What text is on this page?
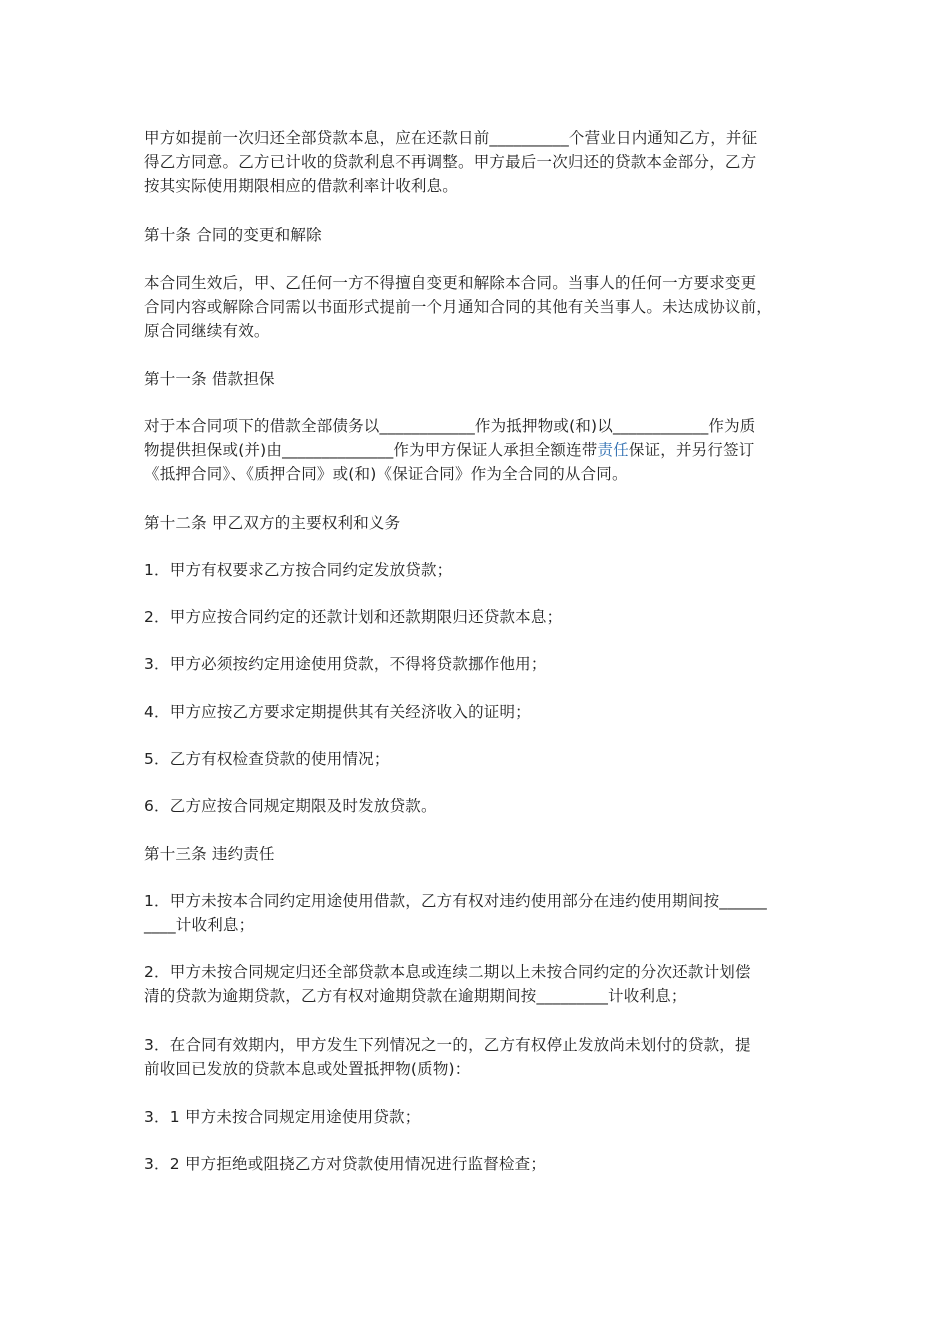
甲方如提前一次归还全部贷款本息，应在还款日前__________个营业日内通知乙方，并征
得乙方同意。乙方已计收的贷款利息不再调整。甲方最后一次归还的贷款本金部分，乙方
按其实际使用期限相应的借款利率计收利息。
第十条 合同的变更和解除
本合同生效后，甲、乙任何一方不得擅自变更和解除本合同。当事人的任何一方要求变更
合同内容或解除合同需以书面形式提前一个月通知合同的其他有关当事人。未达成协议前，
原合同继续有效。
第十一条 借款担保
对于本合同项下的借款全部债务以____________作为抵押物或(和)以____________作为质
物提供担保或(并)由______________作为甲方保证人承担全额连带责任保证，并另行签订
《抵押合同》、《质押合同》或(和)《保证合同》作为全合同的从合同。
第十二条 甲乙双方的主要权利和义务
1．甲方有权要求乙方按合同约定发放贷款；
2．甲方应按合同约定的还款计划和还款期限归还贷款本息；
3．甲方必须按约定用途使用贷款，不得将贷款挪作他用；
4．甲方应按乙方要求定期提供其有关经济收入的证明；
5．乙方有权检查贷款的使用情况；
6．乙方应按合同规定期限及时发放贷款。
第十三条 违约责任
1．甲方未按本合同约定用途使用借款，乙方有权对违约使用部分在违约使用期间按______
____计收利息；
2．甲方未按合同规定归还全部贷款本息或连续二期以上未按合同约定的分次还款计划偿
清的贷款为逾期贷款，乙方有权对逾期贷款在逾期期间按_________计收利息；
3．在合同有效期内，甲方发生下列情况之一的，乙方有权停止发放尚未划付的贷款，提
前收回已发放的贷款本息或处置抵押物(质物)：
3．1 甲方未按合同规定用途使用贷款；
3．2 甲方拒绝或阻挠乙方对贷款使用情况进行监督检查；
